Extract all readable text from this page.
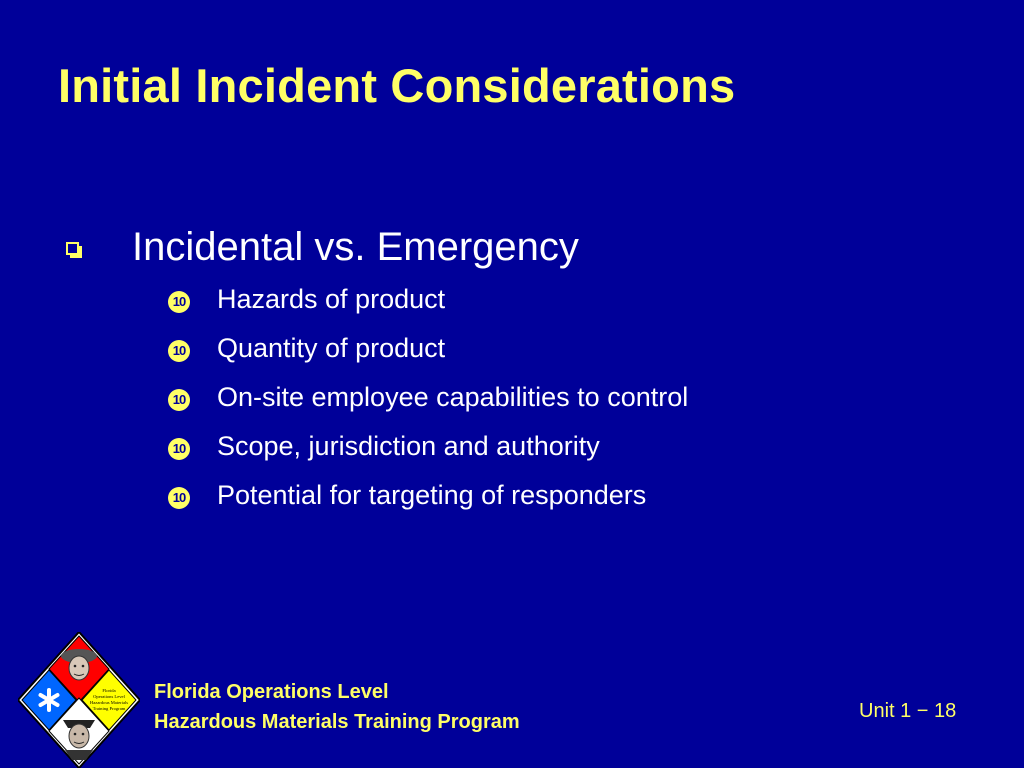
Initial Incident Considerations
Incidental vs. Emergency
10 Hazards of product
10 Quantity of product
10 On-site employee capabilities to control
10 Scope, jurisdiction and authority
10 Potential for targeting of responders
Florida
Operations Level
Hazardous Materials
Training Program
Florida Operations Level
Hazardous Materials Training Program	Unit 1 − 18
